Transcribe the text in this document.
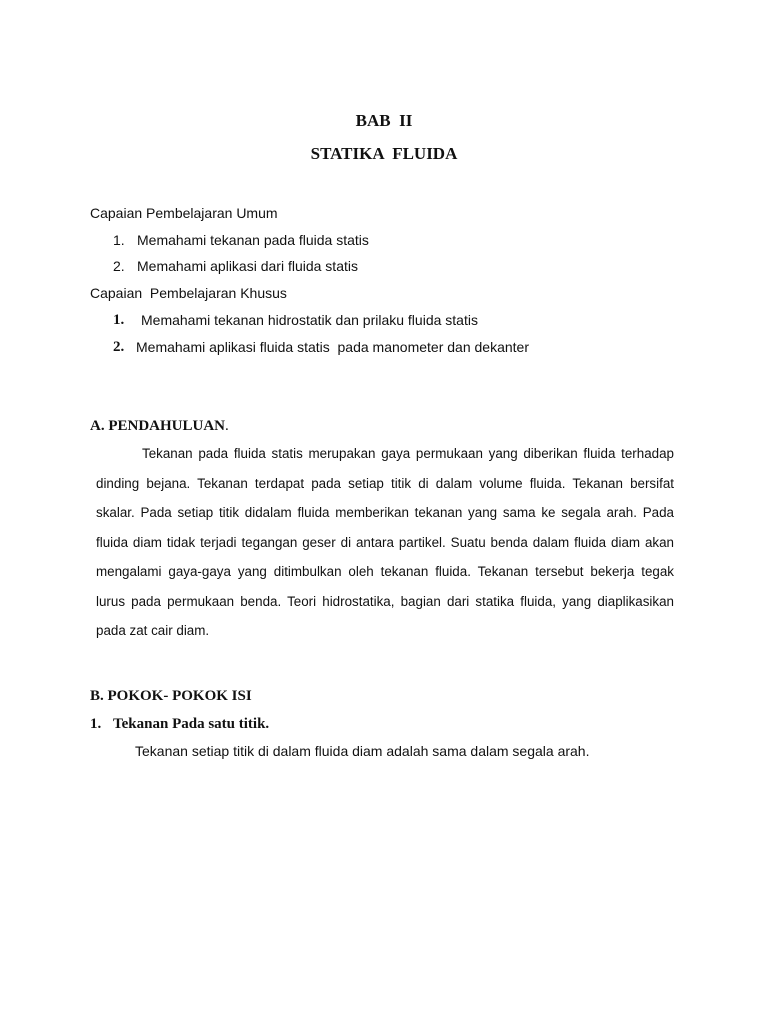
BAB  II
STATIKA  FLUIDA
Capaian Pembelajaran Umum
1. Memahami tekanan pada fluida statis
2. Memahami aplikasi dari fluida statis
Capaian  Pembelajaran Khusus
1. Memahami tekanan hidrostatik dan prilaku fluida statis
2. Memahami aplikasi fluida statis  pada manometer dan dekanter
A. PENDAHULUAN.

Tekanan pada fluida statis merupakan gaya permukaan yang diberikan fluida terhadap dinding bejana. Tekanan terdapat pada setiap titik di dalam volume fluida. Tekanan bersifat skalar. Pada setiap titik didalam fluida memberikan tekanan yang sama ke segala arah. Pada fluida diam tidak terjadi tegangan geser di antara partikel. Suatu benda dalam fluida diam akan mengalami gaya-gaya yang ditimbulkan oleh tekanan fluida. Tekanan tersebut bekerja tegak lurus pada permukaan benda. Teori hidrostatika, bagian dari statika fluida, yang diaplikasikan pada zat cair diam.

B. POKOK- POKOK ISI
1. Tekanan Pada satu titik.
Tekanan setiap titik di dalam fluida diam adalah sama dalam segala arah.
